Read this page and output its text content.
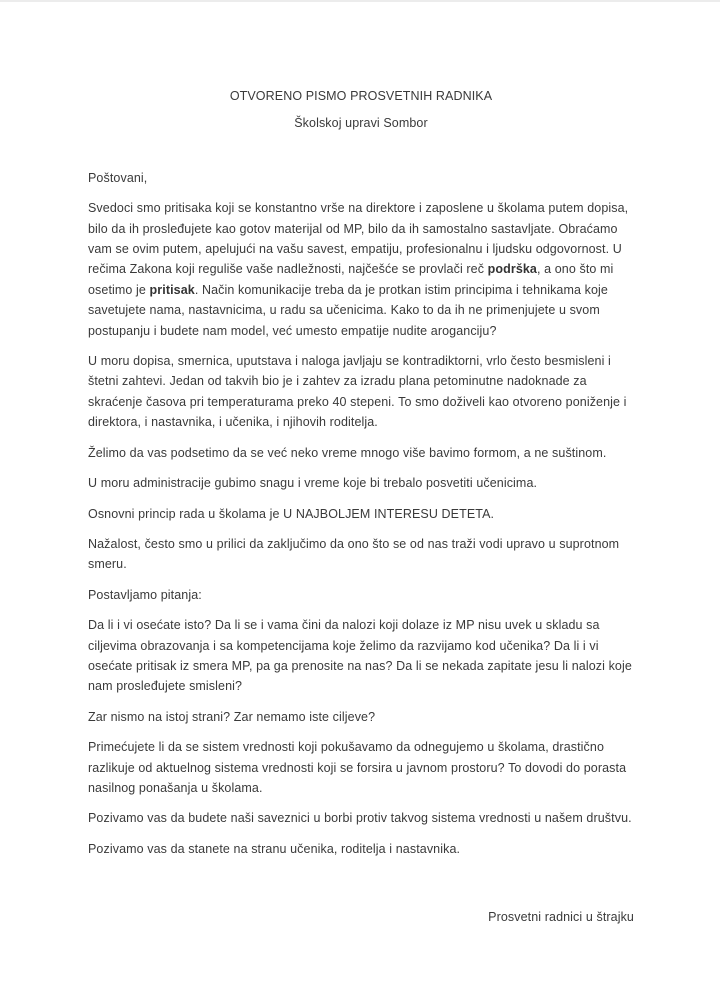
OTVORENO PISMO PROSVETNIH RADNIKA
Školskoj upravi Sombor
Poštovani,

Svedoci smo pritisaka koji se konstantno vrše na direktore i zaposlene u školama putem dopisa, bilo da ih prosleđujete kao gotov materijal od MP, bilo da ih samostalno sastavljate. Obraćamo vam se ovim putem, apelujući na vašu savest, empatiju, profesionalnu i ljudsku odgovornost. U rečima Zakona koji reguliše vaše nadležnosti, najčešće se provlači reč podrška, a ono što mi osetimo je pritisak. Način komunikacije treba da je protkan istim principima i tehnikama koje savetujete nama, nastavnicima, u radu sa učenicima. Kako to da ih ne primenjujete u svom postupanju i budete nam model, već umesto empatije nudite aroganciju?

U moru dopisa, smernica, uputstava i naloga javljaju se kontradiktorni, vrlo često besmisleni i štetni zahtevi. Jedan od takvih bio je i zahtev za izradu plana petominutne nadoknade za skraćenje časova pri temperaturama preko 40 stepeni. To smo doživeli kao otvoreno poniženje i direktora, i nastavnika, i učenika, i njihovih roditelja.

Želimo da vas podsetimo da se već neko vreme mnogo više bavimo formom, a ne suštinom.

U moru administracije gubimo snagu i vreme koje bi trebalo posvetiti učenicima.

Osnovni princip rada u školama je U NAJBOLJEM INTERESU DETETA.

Nažalost, često smo u prilici da zaključimo da ono što se od nas traži vodi upravo u suprotnom smeru.

Postavljamo pitanja:

Da li i vi osećate isto? Da li se i vama čini da nalozi koji dolaze iz MP nisu uvek u skladu sa ciljevima obrazovanja i sa kompetencijama koje želimo da razvijamo kod učenika? Da li i vi osećate pritisak iz smera MP, pa ga prenosite na nas? Da li se nekada zapitate jesu li nalozi koje nam prosleđujete smisleni?

Zar nismo na istoj strani? Zar nemamo iste ciljeve?

Primećujete li da se sistem vrednosti koji pokušavamo da odnegujemo u školama, drastično razlikuje od aktuelnog sistema vrednosti koji se forsira u javnom prostoru? To dovodi do porasta nasilnog ponašanja u školama.

Pozivamo vas da budete naši saveznici u borbi protiv takvog sistema vrednosti u našem društvu.

Pozivamo vas da stanete na stranu učenika, roditelja i nastavnika.

Prosvetni radnici u štrajku
